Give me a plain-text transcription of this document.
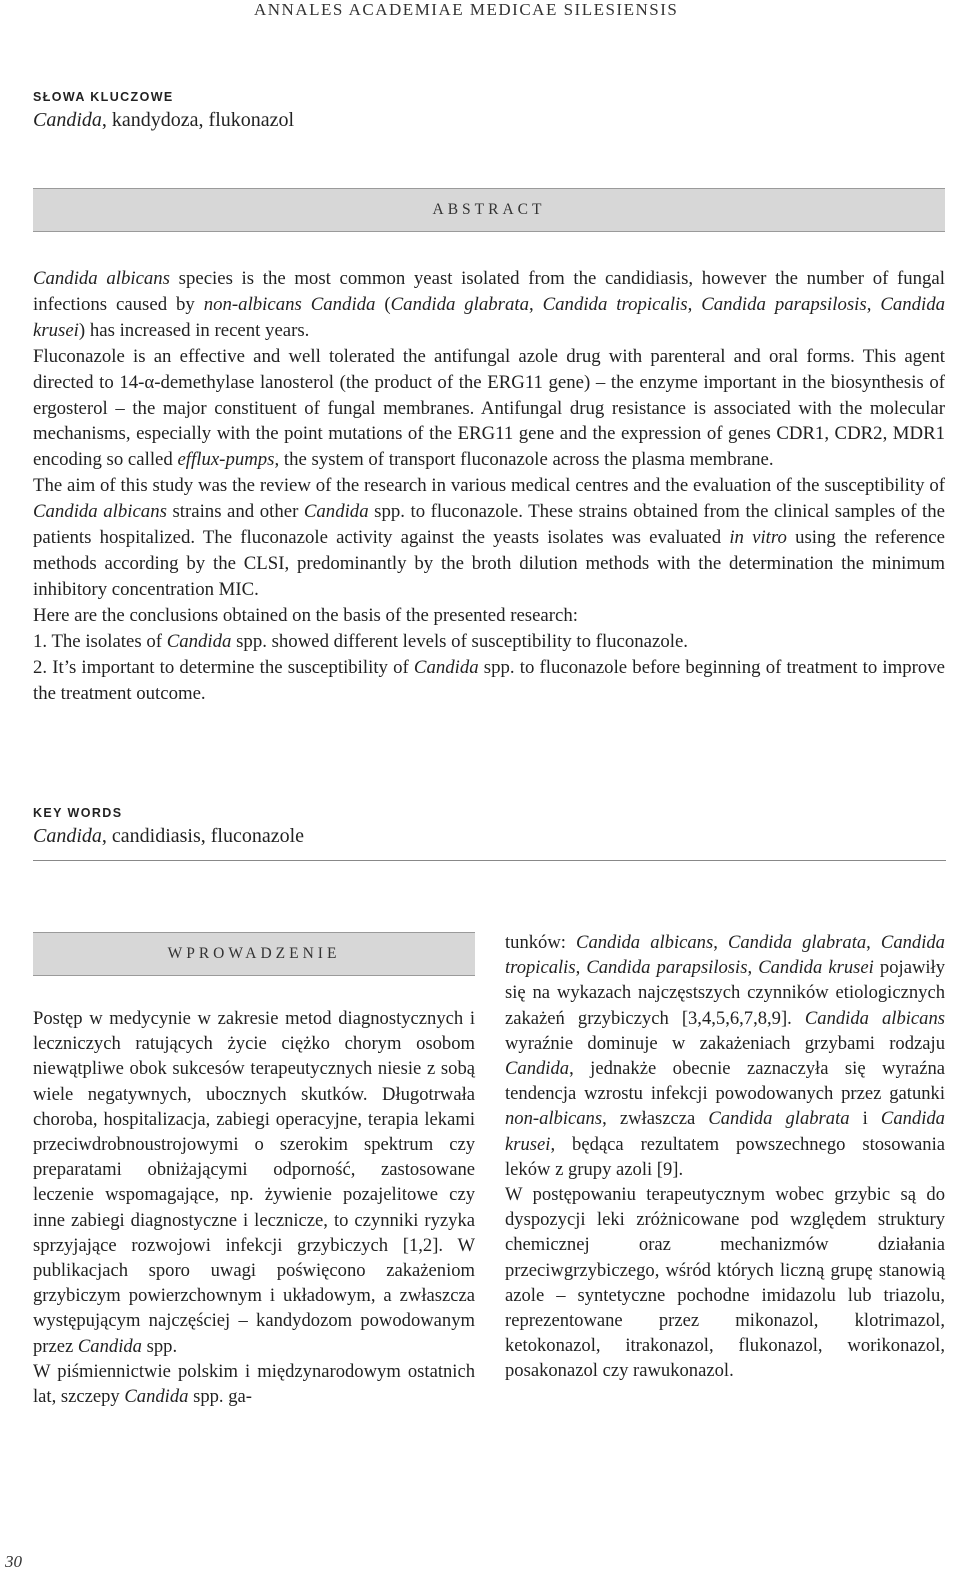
ANNALES ACADEMIAE MEDICAE SILESIENSIS
SŁOWA KLUCZOWE
Candida, kandydoza, flukonazol
ABSTRACT

Candida albicans species is the most common yeast isolated from the candidiasis, however the number of fungal infections caused by non-albicans Candida (Candida glabrata, Candida tropicalis, Candida parapsilosis, Candida krusei) has increased in recent years.

Fluconazole is an effective and well tolerated the antifungal azole drug with parenteral and oral forms. This agent directed to 14-α-demethylase lanosterol (the product of the ERG11 gene) – the enzyme important in the biosynthesis of ergosterol – the major constituent of fungal membranes. Antifungal drug resistance is associated with the molecular mechanisms, especially with the point mutations of the ERG11 gene and the expression of genes CDR1, CDR2, MDR1 encoding so called efflux-pumps, the system of transport fluconazole across the plasma membrane.

The aim of this study was the review of the research in various medical centres and the evaluation of the susceptibility of Candida albicans strains and other Candida spp. to fluconazole. These strains obtained from the clinical samples of the patients hospitalized. The fluconazole activity against the yeasts isolates was evaluated in vitro using the reference methods according by the CLSI, predominantly by the broth dilution methods with the determination the minimum inhibitory concentration MIC.

Here are the conclusions obtained on the basis of the presented research:

1. The isolates of Candida spp. showed different levels of susceptibility to fluconazole.

2. It’s important to determine the susceptibility of Candida spp. to fluconazole before beginning of treatment to improve the treatment outcome.

KEY WORDS
Candida, candidiasis, fluconazole
WPROWADZENIE

Postęp w medycynie w zakresie metod diagnostycznych i leczniczych ratujących życie ciężko chorym osobom niewątpliwe obok sukcesów terapeutycznych niesie z sobą wiele negatywnych, ubocznych skutków. Długotrwała choroba, hospitalizacja, zabiegi operacyjne, terapia lekami przeciwdrobnoustrojowymi o szerokim spektrum czy preparatami obniżającymi odporność, zastosowane leczenie wspomagające, np. żywienie pozajelitowe czy inne zabiegi diagnostyczne i lecznicze, to czynniki ryzyka sprzyjające rozwojowi infekcji grzybiczych [1,2]. W publikacjach sporo uwagi poświęcono zakażeniom grzybiczym powierzchownym i układowym, a zwłaszcza występującym najczęściej – kandydozom powodowanym przez Candida spp.

W piśmiennictwie polskim i międzynarodowym ostatnich lat, szczepy Candida spp. ga-

tunków: Candida albicans, Candida glabrata, Candida tropicalis, Candida parapsilosis, Candida krusei pojawiły się na wykazach najczęstszych czynników etiologicznych zakażeń grzybiczych [3,4,5,6,7,8,9]. Candida albicans wyraźnie dominuje w zakażeniach grzybami rodzaju Candida, jednakże obecnie zaznaczyła się wyraźna tendencja wzrostu infekcji powodowanych przez gatunki non-albicans, zwłaszcza Candida glabrata i Candida krusei, będąca rezultatem powszechnego stosowania leków z grupy azoli [9].

W postępowaniu terapeutycznym wobec grzybic są do dyspozycji leki zróżnicowane pod względem struktury chemicznej oraz mechanizmów działania przeciwgrzybiczego, wśród których liczną grupę stanowią azole – syntetyczne pochodne imidazolu lub triazolu, reprezentowane przez mikonazol, klotrimazol, ketokonazol, itrakonazol, flukonazol, worikonazol, posakonazol czy rawukonazol.

30
